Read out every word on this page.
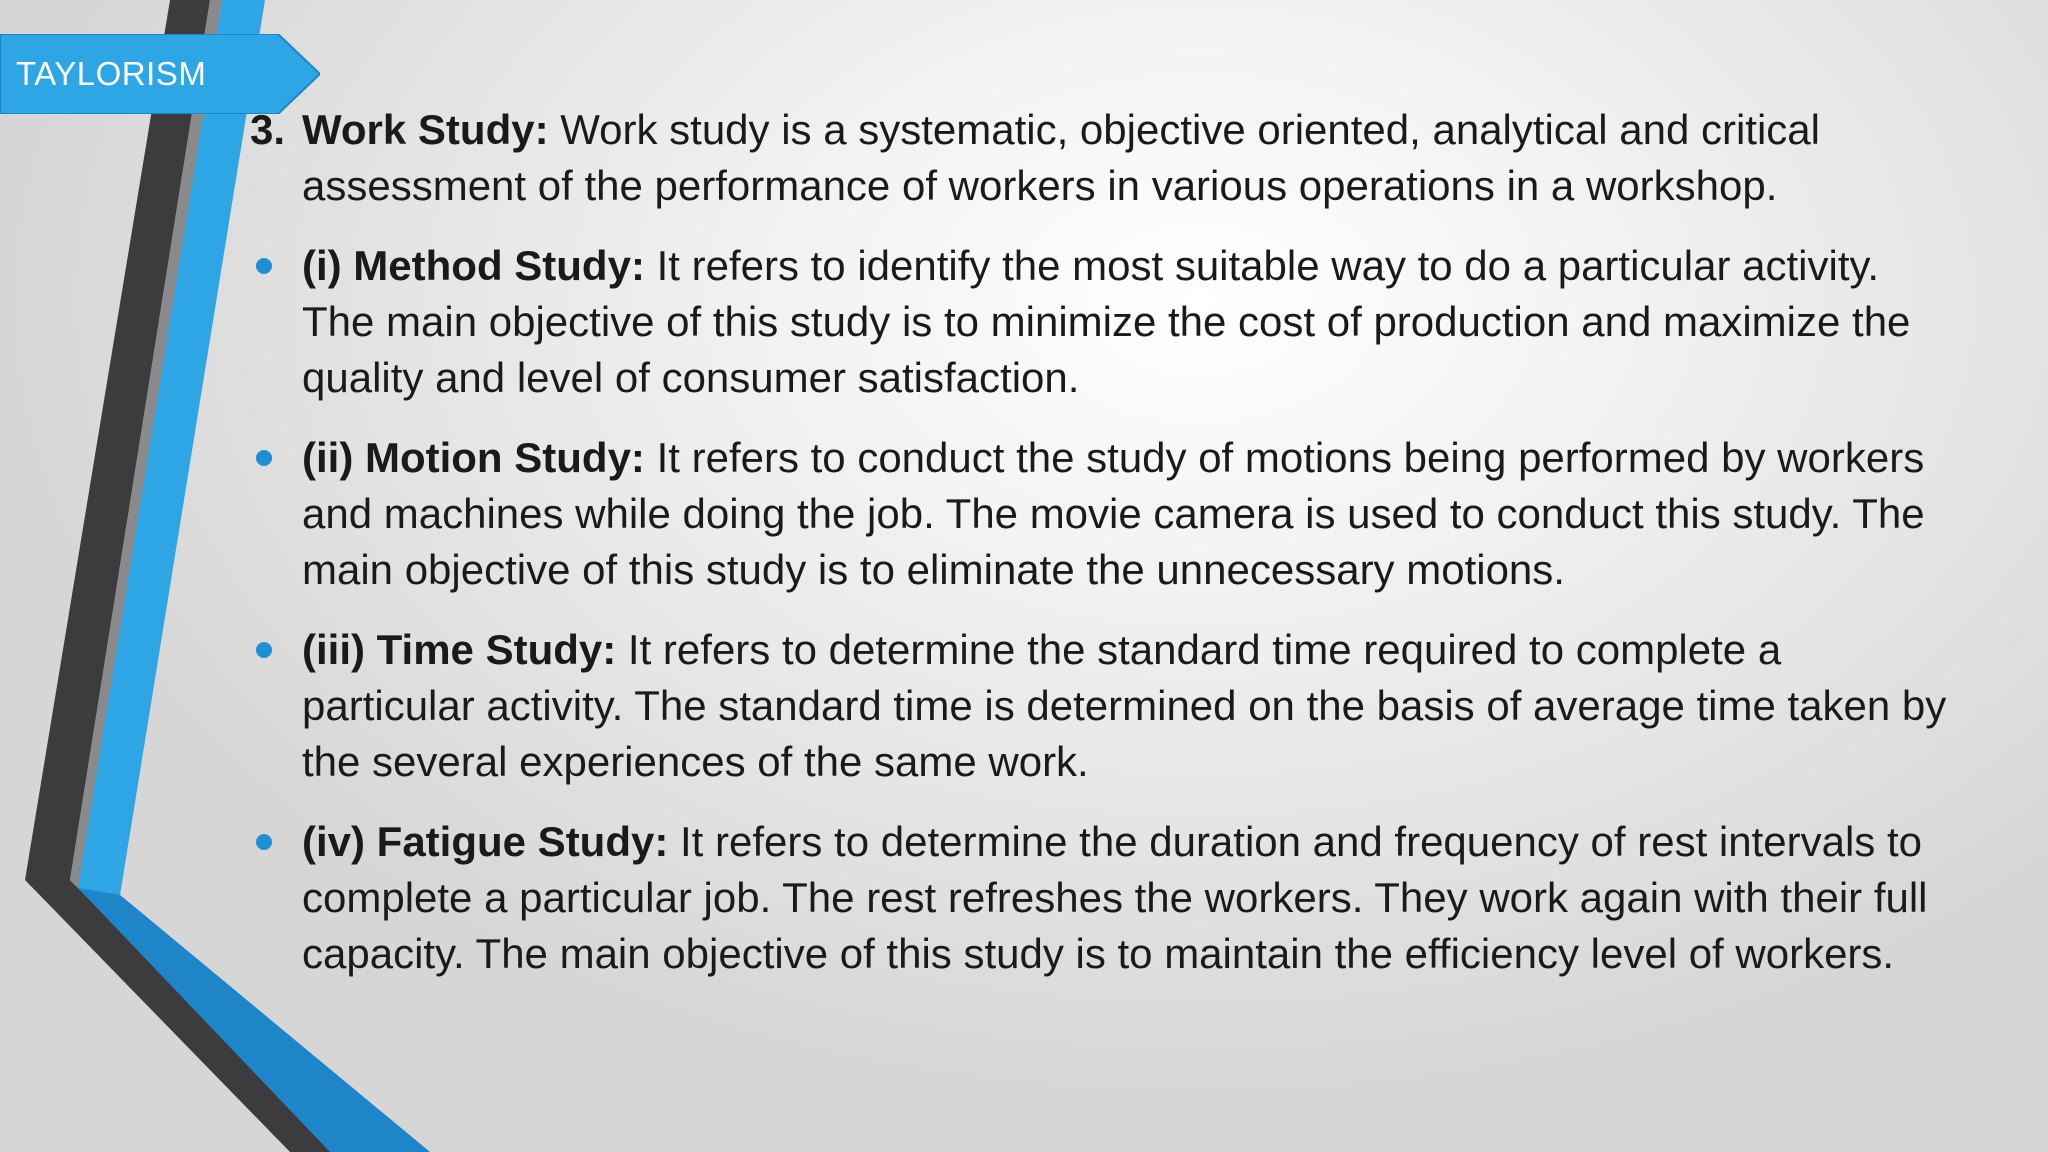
TAYLORISM
3. Work Study: Work study is a systematic, objective oriented, analytical and critical assessment of the performance of workers in various operations in a workshop.
(i) Method Study: It refers to identify the most suitable way to do a particular activity. The main objective of this study is to minimize the cost of production and maximize the quality and level of consumer satisfaction.
(ii) Motion Study: It refers to conduct the study of motions being performed by workers and machines while doing the job. The movie camera is used to conduct this study. The main objective of this study is to eliminate the unnecessary motions.
(iii) Time Study: It refers to determine the standard time required to complete a particular activity. The standard time is determined on the basis of average time taken by the several experiences of the same work.
(iv) Fatigue Study: It refers to determine the duration and frequency of rest intervals to complete a particular job. The rest refreshes the workers. They work again with their full capacity. The main objective of this study is to maintain the efficiency level of workers.
